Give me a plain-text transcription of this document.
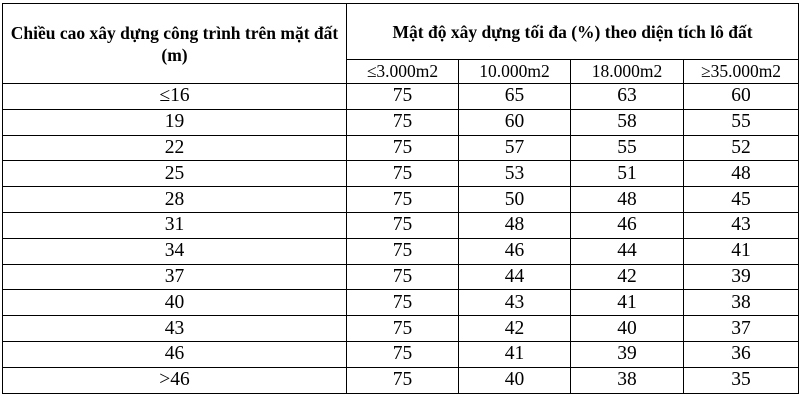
Chiều cao xây dựng công trình trên mặt đất (m)	Mật độ xây dựng tối đa (%) theo diện tích lô đất			
	≤3.000m2	10.000m2	18.000m2	≥35.000m2
≤16	75	65	63	60
19	75	60	58	55
22	75	57	55	52
25	75	53	51	48
28	75	50	48	45
31	75	48	46	43
34	75	46	44	41
37	75	44	42	39
40	75	43	41	38
43	75	42	40	37
46	75	41	39	36
>46	75	40	38	35
